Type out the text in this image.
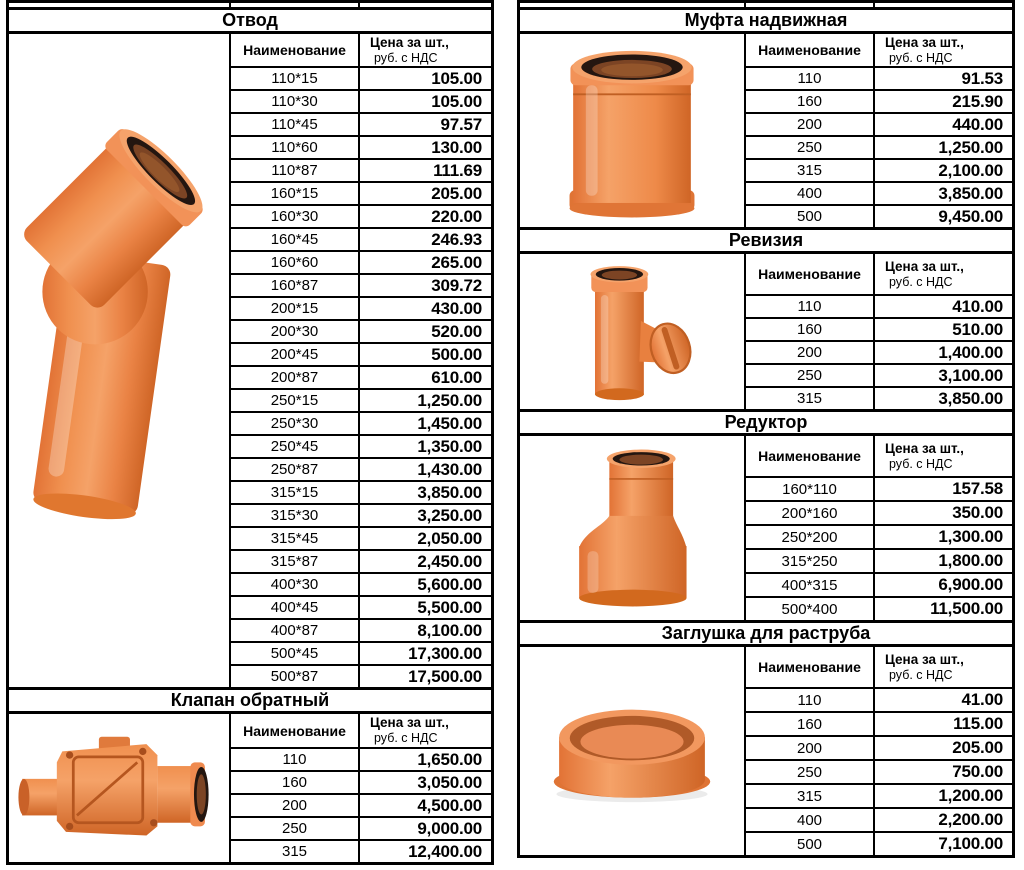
Отвод
Наименование	Цена за шт.,
руб. с НДС
110*15	105.00
110*30	105.00
110*45	97.57
110*60	130.00
110*87	111.69
160*15	205.00
160*30	220.00
160*45	246.93
160*60	265.00
160*87	309.72
200*15	430.00
200*30	520.00
200*45	500.00
200*87	610.00
250*15	1,250.00
250*30	1,450.00
250*45	1,350.00
250*87	1,430.00
315*15	3,850.00
315*30	3,250.00
315*45	2,050.00
315*87	2,450.00
400*30	5,600.00
400*45	5,500.00
400*87	8,100.00
500*45	17,300.00
500*87	17,500.00
Клапан обратный
Наименование	Цена за шт.,
руб. с НДС
110	1,650.00
160	3,050.00
200	4,500.00
250	9,000.00
315	12,400.00
Муфта надвижная
Наименование	Цена за шт.,
руб. с НДС
110	91.53
160	215.90
200	440.00
250	1,250.00
315	2,100.00
400	3,850.00
500	9,450.00
Ревизия
Наименование	Цена за шт.,
руб. с НДС
110	410.00
160	510.00
200	1,400.00
250	3,100.00
315	3,850.00
Редуктор
Наименование	Цена за шт.,
руб. с НДС
160*110	157.58
200*160	350.00
250*200	1,300.00
315*250	1,800.00
400*315	6,900.00
500*400	11,500.00
Заглушка для раструба
Наименование	Цена за шт.,
руб. с НДС
110	41.00
160	115.00
200	205.00
250	750.00
315	1,200.00
400	2,200.00
500	7,100.00
